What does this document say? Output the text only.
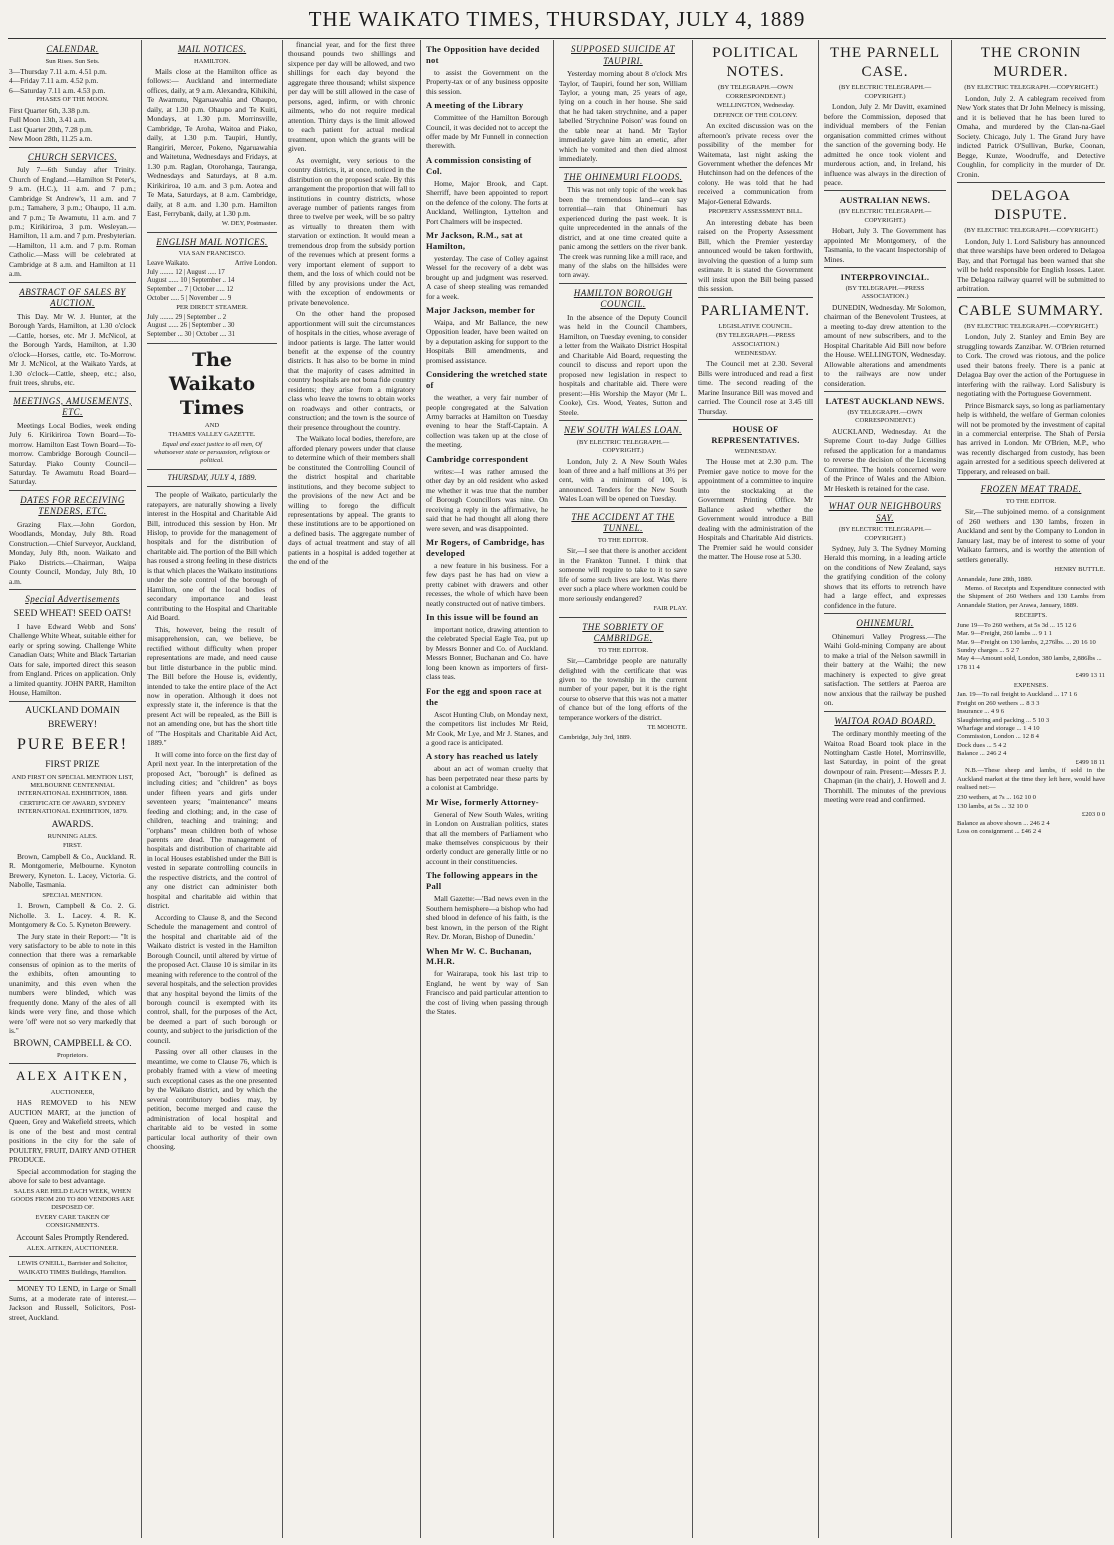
THE WAIKATO TIMES, THURSDAY, JULY 4, 1889
CALENDAR.
Sun Rises. Sun Sets.
3—Thursday 7.11 a.m. 4.51 p.m.
4—Friday 7.11 a.m. 4.52 p.m.
6—Saturday 7.11 a.m. 4.53 p.m.
PHASES OF THE MOON.
First Quarter 6th, 3.38 p.m.
Full Moon 13th, 3.41 a.m.
Last Quarter 20th, 7.28 p.m.
New Moon 28th, 11.25 a.m.
CHURCH SERVICES.

July 7—6th Sunday after Trinity. Church of England.—Hamilton St Peter's, 9 a.m. (H.C.), 11 a.m. and 7 p.m.; Cambridge St Andrew's, 11 a.m. and 7 p.m.; Tamahere, 3 p.m.; Ohaupo, 11 a.m. and 7 p.m.; Te Awamutu, 11 a.m. and 7 p.m.; Kirikiriroa, 3 p.m. Wesleyan.—Hamilton, 11 a.m. and 7 p.m. Presbyterian.—Hamilton, 11 a.m. and 7 p.m. Roman Catholic.—Mass will be celebrated at Cambridge at 8 a.m. and Hamilton at 11 a.m.

ABSTRACT OF SALES BY AUCTION.

This Day. Mr W. J. Hunter, at the Borough Yards, Hamilton, at 1.30 o'clock—Cattle, horses, etc. Mr J. McNicol, at the Borough Yards, Hamilton, at 1.30 o'clock—Horses, cattle, etc. To-Morrow. Mr J. McNicol, at the Waikato Yards, at 1.30 o'clock—Cattle, sheep, etc.; also, fruit trees, shrubs, etc.

MEETINGS, AMUSEMENTS, ETC.

Meetings Local Bodies, week ending July 6. Kirikiriroa Town Board—To-morrow. Hamilton East Town Board—To-morrow. Cambridge Borough Council—Saturday. Piako County Council—Saturday. Te Awamutu Road Board—Saturday.

DATES FOR RECEIVING TENDERS, ETC.

Grazing Flax.—John Gordon, Woodlands, Monday, July 8th. Road Construction.—Chief Surveyor, Auckland, Monday, July 8th, noon. Waikato and Piako Districts.—Chairman, Waipa County Council, Monday, July 8th, 10 a.m.

Special Advertisements
SEED WHEAT! SEED OATS!

I have Edward Webb and Sons' Challenge White Wheat, suitable either for early or spring sowing. Challenge White Canadian Oats; White and Black Tartarian Oats for sale, imported direct this season from England. Prices on application. Only a limited quantity. JOHN PARR, Hamilton House, Hamilton.

AUCKLAND DOMAIN
BREWERY!
PURE BEER!
FIRST PRIZE
AND FIRST ON SPECIAL MENTION LIST, MELBOURNE CENTENNIAL INTERNATIONAL EXHIBITION, 1888.
CERTIFICATE OF AWARD, SYDNEY INTERNATIONAL EXHIBITION, 1879.
AWARDS.
RUNNING ALES.
FIRST.

Brown, Campbell & Co., Auckland. R. R. Montgomerie, Melbourne. Kynoton Brewery, Kyneton. L. Lacey, Victoria. G. Nabolle, Tasmania.

SPECIAL MENTION.

1. Brown, Campbell & Co. 2. G. Nicholle. 3. L. Lacey. 4. R. K. Montgomery & Co. 5. Kyneton Brewery.

The Jury state in their Report:— "It is very satisfactory to be able to note in this connection that there was a remarkable consensus of opinion as to the merits of the exhibits, often amounting to unanimity, and this even when the numbers were blinded, which was frequently done. Many of the ales of all kinds were very fine, and those which were 'off' were not so very markedly that is."

BROWN, CAMPBELL & CO.
Proprietors.
ALEX AITKEN,
AUCTIONEER,

HAS REMOVED to his NEW AUCTION MART, at the junction of Queen, Grey and Wakefield streets, which is one of the best and most central positions in the city for the sale of POULTRY, FRUIT, DAIRY AND OTHER PRODUCE.

Special accommodation for staging the above for sale to best advantage.

SALES ARE HELD EACH WEEK, WHEN GOODS FROM 200 TO 800 VENDORS ARE DISPOSED OF.
EVERY CARE TAKEN OF CONSIGNMENTS.
Account Sales Promptly Rendered.
ALEX. AITKEN, AUCTIONEER.
LEWIS O'NEILL, Barrister and Solicitor, WAIKATO TIMES Buildings, Hamilton.

MONEY TO LEND, in Large or Small Sums, at a moderate rate of interest.—Jackson and Russell, Solicitors, Post-street, Auckland.

MAIL NOTICES.
HAMILTON.

Mails close at the Hamilton office as follows:— Auckland and intermediate offices, daily, at 9 a.m. Alexandra, Kihikihi, Te Awamutu, Ngaruawahia and Ohaupo, daily, at 1.30 p.m. Ohaupo and Te Kuiti, Mondays, at 1.30 p.m. Morrinsville, Cambridge, Te Aroha, Waitoa and Piako, daily, at 1.30 p.m. Taupiri, Huntly, Rangiriri, Mercer, Pokeno, Ngaruawahia and Waitetuna, Wednesdays and Fridays, at 1.30 p.m. Raglan, Otorohanga, Tauranga, Wednesdays and Saturdays, at 8 a.m. Kirikiriroa, 10 a.m. and 3 p.m. Aotea and Te Mata, Saturdays, at 8 a.m. Cambridge, daily, at 8 a.m. and 1.30 p.m. Hamilton East, Ferrybank, daily, at 1.30 p.m.

W. DEY, Postmaster.
ENGLISH MAIL NOTICES.
VIA SAN FRANCISCO.
Leave Waikato.	Arrive London.
July ........ 12 | August ..... 17
August ...... 10 | September .. 14
September ... 7 | October ..... 12
October ..... 5 | November .... 9
PER DIRECT STEAMER.
July ........ 29 | September .. 2
August ...... 26 | September .. 30
September ... 30 | October .... 31
The Waikato Times
AND
THAMES VALLEY GAZETTE.
Equal and exact justice to all men, Of whatsoever state or persuasion, religious or political.
THURSDAY, JULY 4, 1889.

The people of Waikato, particularly the ratepayers, are naturally showing a lively interest in the Hospital and Charitable Aid Bill, introduced this session by Hon. Mr Hislop, to provide for the management of hospitals and for the distribution of charitable aid. The portion of the Bill which has roused a strong feeling in these districts is that which places the Waikato institutions under the sole control of the borough of Hamilton, one of the local bodies of secondary importance and least contributing to the Hospital and Charitable Aid Board.

This, however, being the result of misapprehension, can, we believe, be rectified without difficulty when proper representations are made, and need cause but little disturbance in the public mind. The Bill before the House is, evidently, intended to take the entire place of the Act now in operation. Although it does not expressly state it, the inference is that the present Act will be repealed, as the Bill is not an amending one, but has the short title of "The Hospitals and Charitable Aid Act, 1889."

It will come into force on the first day of April next year. In the interpretation of the proposed Act, "borough" is defined as including cities; and "children" as boys under fifteen years and girls under seventeen years; "maintenance" means feeding and clothing; and, in the case of children, teaching and training; and "orphans" mean children both of whose parents are dead. The management of hospitals and distribution of charitable aid in local Houses established under the Bill is vested in separate controlling councils in the respective districts, and the control of any one district can administer both hospital and charitable aid within that district.

According to Clause 8, and the Second Schedule the management and control of the hospital and charitable aid of the Waikato district is vested in the Hamilton Borough Council, until altered by virtue of the proposed Act. Clause 10 is similar in its meaning with reference to the control of the several hospitals, and the selection provides that any hospital beyond the limits of the borough council is exempted with its control, shall, for the purposes of the Act, be deemed a part of such borough or county, and subject to the jurisdiction of the council.

Passing over all other clauses in the meantime, we come to Clause 76, which is probably framed with a view of meeting such exceptional cases as the one presented by the Waikato district, and by which the several contributory bodies may, by petition, become merged and cause the administration of local hospital and charitable aid to be vested in some particular local authority of their own choosing.

financial year, and for the first three thousand pounds two shillings and sixpence per day will be allowed, and two shillings for each day beyond the aggregate three thousand; whilst sixpence per day will be still allowed in the case of persons, aged, infirm, or with chronic ailments, who do not require medical attention. Thirty days is the limit allowed to each patient for actual medical treatment, upon which the grants will be given.

As overnight, very serious to the country districts, it, at once, noticed in the distribution on the proposed scale. By this arrangement the proportion that will fall to institutions in country districts, whose average number of patients ranges from three to twelve per week, will be so paltry as virtually to threaten them with starvation or extinction. It would mean a tremendous drop from the subsidy portion of the revenues which at present forms a very important element of support to them, and the loss of which could not be filled by any provisions under the Act, with the exception of endowments or private benevolence.

On the other hand the proposed apportionment will suit the circumstances of hospitals in the cities, whose average of indoor patients is large. The latter would benefit at the expense of the country districts. It has also to be borne in mind that the majority of cases admitted in country hospitals are not bona fide country residents; they arise from a migratory class who leave the towns to obtain works on roadways and other contracts, or construction; and the town is the source of their presence throughout the country.

The Waikato local bodies, therefore, are afforded plenary powers under that clause to determine which of their members shall be constituted the Controlling Council of the district hospital and charitable institutions, and they become subject to the provisions of the new Act and be willing to forego the difficult representations by appeal. The grants to these institutions are to be apportioned on a defined basis. The aggregate number of days of actual treatment and stay of all patients in a hospital is added together at the end of the

The Opposition have decided not

to assist the Government on the Property-tax or of any business opposite this session.

A meeting of the Library

Committee of the Hamilton Borough Council, it was decided not to accept the offer made by Mr Funnell in connection therewith.

A commission consisting of Col.

Home, Major Brook, and Capt. Sherriff, have been appointed to report on the defence of the colony. The forts at Auckland, Wellington, Lyttelton and Port Chalmers will be inspected.

Mr Jackson, R.M., sat at Hamilton,

yesterday. The case of Colley against Wessel for the recovery of a debt was brought up and judgment was reserved. A case of sheep stealing was remanded for a week.

Major Jackson, member for

Waipa, and Mr Ballance, the new Opposition leader, have been waited on by a deputation asking for support to the Hospitals Bill amendments, and promised assistance.

Considering the wretched state of

the weather, a very fair number of people congregated at the Salvation Army barracks at Hamilton on Tuesday evening to hear the Staff-Captain. A collection was taken up at the close of the meeting.

Cambridge correspondent

writes:—I was rather amused the other day by an old resident who asked me whether it was true that the number of Borough Councillors was nine. On receiving a reply in the affirmative, he said that he had thought all along there were seven, and was disappointed.

Mr Rogers, of Cambridge, has developed

a new feature in his business. For a few days past he has had on view a pretty cabinet with drawers and other recesses, the whole of which have been neatly constructed out of native timbers.

In this issue will be found an

important notice, drawing attention to the celebrated Special Eagle Tea, put up by Messrs Bonner and Co. of Auckland. Messrs Bonner, Buchanan and Co. have long been known as importers of first-class teas.

For the egg and spoon race at the

Ascot Hunting Club, on Monday next, the competitors list includes Mr Reid, Mr Cook, Mr Lye, and Mr J. Stanes, and a good race is anticipated.

A story has reached us lately

about an act of woman cruelty that has been perpetrated near these parts by a colonist at Cambridge.

Mr Wise, formerly Attorney-

General of New South Wales, writing in London on Australian politics, states that all the members of Parliament who make themselves conspicuous by their orderly conduct are generally little or no account in their constituencies.

The following appears in the Pall

Mall Gazette:—'Bad news even in the Southern hemisphere—a bishop who had shed blood in defence of his faith, is the best known, in the person of the Right Rev. Dr. Moran, Bishop of Dunedin.'

When Mr W. C. Buchanan, M.H.R.

for Wairarapa, took his last trip to England, he went by way of San Francisco and paid particular attention to the cost of living when passing through the States.

SUPPOSED SUICIDE AT TAUPIRI.

Yesterday morning about 8 o'clock Mrs Taylor, of Taupiri, found her son, William Taylor, a young man, 25 years of age, lying on a couch in her house. She said that he had taken strychnine, and a paper labelled 'Strychnine Poison' was found on the table near at hand. Mr Taylor immediately gave him an emetic, after which he vomited and then died almost immediately.

THE OHINEMURI FLOODS.

This was not only topic of the week has been the tremendous land—can say torrential—rain that Ohinemuri has experienced during the past week. It is quite unprecedented in the annals of the district, and at one time created quite a panic among the settlers on the river bank. The creek was running like a mill race, and many of the slabs on the hillsides were torn away.

HAMILTON BOROUGH COUNCIL.

In the absence of the Deputy Council was held in the Council Chambers, Hamilton, on Tuesday evening, to consider a letter from the Waikato District Hospital and Charitable Aid Board, requesting the council to discuss and report upon the proposed new legislation in respect to hospitals and charitable aid. There were present:—His Worship the Mayor (Mr L. Cooke), Crs. Wood, Yeates, Sutton and Steele.

NEW SOUTH WALES LOAN.
(BY ELECTRIC TELEGRAPH.—COPYRIGHT.)

London, July 2. A New South Wales loan of three and a half millions at 3½ per cent, with a minimum of 100, is announced. Tenders for the New South Wales Loan will be opened on Tuesday.

THE ACCIDENT AT THE TUNNEL.
TO THE EDITOR.

Sir,—I see that there is another accident in the Frankton Tunnel. I think that someone will require to take to it to save life of some such lives are lost. Was there ever such a place where workmen could be more seriously endangered?

FAIR PLAY.
THE SOBRIETY OF CAMBRIDGE.
TO THE EDITOR.

Sir,—Cambridge people are naturally delighted with the certificate that was given to the township in the current number of your paper, but it is the right course to observe that this was not a matter of chance but of the long efforts of the temperance workers of the district.

TE MOHOTE.
Cambridge, July 3rd, 1889.
POLITICAL NOTES.
(BY TELEGRAPH.—OWN CORRESPONDENT.)
WELLINGTON, Wednesday.
DEFENCE OF THE COLONY.

An excited discussion was on the afternoon's private recess over the possibility of the member for Waitemata, last night asking the Government whether the defences Mr Hutchinson had on the defences of the colony. He was told that he had received a communication from Major-General Edwards.

PROPERTY ASSESSMENT BILL.

An interesting debate has been raised on the Property Assessment Bill, which the Premier yesterday announced would be taken forthwith, involving the question of a lump sum estimate. It is stated the Government will insist upon the Bill being passed this session.

PARLIAMENT.
LEGISLATIVE COUNCIL.
(BY TELEGRAPH.—PRESS ASSOCIATION.)
WEDNESDAY.

The Council met at 2.30. Several Bills were introduced and read a first time. The second reading of the Marine Insurance Bill was moved and carried. The Council rose at 3.45 till Thursday.

HOUSE OF REPRESENTATIVES.
WEDNESDAY.

The House met at 2.30 p.m. The Premier gave notice to move for the appointment of a committee to inquire into the stocktaking at the Government Printing Office. Mr Ballance asked whether the Government would introduce a Bill dealing with the administration of the Hospitals and Charitable Aid districts. The Premier said he would consider the matter. The House rose at 5.30.

THE PARNELL CASE.
(BY ELECTRIC TELEGRAPH.—COPYRIGHT.)

London, July 2. Mr Davitt, examined before the Commission, deposed that individual members of the Fenian organisation committed crimes without the sanction of the governing body. He admitted he once took violent and murderous action, and, in Ireland, his influence was always in the direction of peace.

AUSTRALIAN NEWS.
(BY ELECTRIC TELEGRAPH.—COPYRIGHT.)

Hobart, July 3. The Government has appointed Mr Montgomery, of the Tasmania, to the vacant Inspectorship of Mines.

INTERPROVINCIAL.
(BY TELEGRAPH.—PRESS ASSOCIATION.)

DUNEDIN, Wednesday. Mr Solomon, chairman of the Benevolent Trustees, at a meeting to-day drew attention to the amount of new subscribers, and to the Hospital Charitable Aid Bill now before the House. WELLINGTON, Wednesday. Allowable alterations and amendments to the railways are now under consideration.

LATEST AUCKLAND NEWS.
(BY TELEGRAPH.—OWN CORRESPONDENT.)

AUCKLAND, Wednesday. At the Supreme Court to-day Judge Gillies refused the application for a mandamus to reverse the decision of the Licensing Committee. The hotels concerned were of the Prince of Wales and the Albion. Mr Hesketh is retained for the case.

WHAT OUR NEIGHBOURS SAY.
(BY ELECTRIC TELEGRAPH.—COPYRIGHT.)

Sydney, July 3. The Sydney Morning Herald this morning, in a leading article on the conditions of New Zealand, says the gratifying condition of the colony shows that its efforts to retrench have had a large effect, and expresses confidence in the future.

OHINEMURI.

Ohinemuri Valley Progress.—The Waihi Gold-mining Company are about to make a trial of the Nelson sawmill in their battery at the Waihi; the new machinery is expected to give great satisfaction. The settlers at Paeroa are now anxious that the railway be pushed on.

WAITOA ROAD BOARD.

The ordinary monthly meeting of the Waitoa Road Board took place in the Nottingham Castle Hotel, Morrinsville, last Saturday, in point of the great downpour of rain. Present:—Messrs P. J. Chapman (in the chair), J. Howell and J. Thornhill. The minutes of the previous meeting were read and confirmed.

THE CRONIN MURDER.
(BY ELECTRIC TELEGRAPH.—COPYRIGHT.)

London, July 2. A cablegram received from New York states that Dr John Melnecy is missing, and it is believed that he has been lured to Omaha, and murdered by the Clan-na-Gael Society. Chicago, July 1. The Grand Jury have indicted Patrick O'Sullivan, Burke, Coonan, Begge, Kunze, Woodruffe, and Detective Coughlin, for complicity in the murder of Dr. Cronin.

DELAGOA DISPUTE.
(BY ELECTRIC TELEGRAPH.—COPYRIGHT.)

London, July 1. Lord Salisbury has announced that three warships have been ordered to Delagoa Bay, and that Portugal has been warned that she will be held responsible for English losses. Later. The Delagoa railway quarrel will be submitted to arbitration.

CABLE SUMMARY.
(BY ELECTRIC TELEGRAPH.—COPYRIGHT.)

London, July 2. Stanley and Emin Bey are struggling towards Zanzibar. W. O'Brien returned to Cork. The crowd was riotous, and the police used their batons freely. There is a panic at Delagoa Bay over the action of the Portuguese in interfering with the railway. Lord Salisbury is negotiating with the Portuguese Government.

Prince Bismarck says, so long as parliamentary help is withheld, the welfare of German colonies will not be promoted by the investment of capital in a commercial enterprise. The Shah of Persia has arrived in London. Mr O'Brien, M.P., who was recently discharged from custody, has been again arrested for a seditious speech delivered at Tipperary, and released on bail.

FROZEN MEAT TRADE.
TO THE EDITOR.

Sir,—The subjoined memo. of a consignment of 260 wethers and 130 lambs, frozen in Auckland and sent by the Company to London in January last, may be of interest to some of your Waikato farmers, and is worthy the attention of settlers generally.

HENRY BUTTLE.
Annandale, June 28th, 1889.

Memo. of Receipts and Expenditure connected with the Shipment of 260 Wethers and 130 Lambs from Annandale Station, per Arawa, January, 1889.

RECEIPTS.
June 19—To 260 wethers, at 5s 3d ... 15 12 6
Mar. 9—Freight, 260 lambs ... 9 1 1
Mar. 9—Freight on 130 lambs, 2,276lbs. ... 20 16 10
Sundry charges ... 5 2 7
May 4—Amount sold, London, 380 lambs, 2,886lbs ... 178 11 4
£499 13 11
EXPENSES.
Jan. 19—To rail freight to Auckland ... 17 1 6
Freight on 260 wethers ... 8 3 3
Insurance ... 4 9 6
Slaughtering and packing ... 5 10 3
Wharfage and storage ... 1 4 10
Commission, London ... 12 8 4
Dock dues ... 5 4 2
Balance ... 246 2 4
£499 18 11

N.B.—These sheep and lambs, if sold in the Auckland market at the time they left here, would have realised net:—

230 wethers, at 7s ... 162 10 0
130 lambs, at 5s ... 32 10 0
£203 0 0
Balance as above shown ... 246 2 4
Loss on consignment ... £46 2 4
